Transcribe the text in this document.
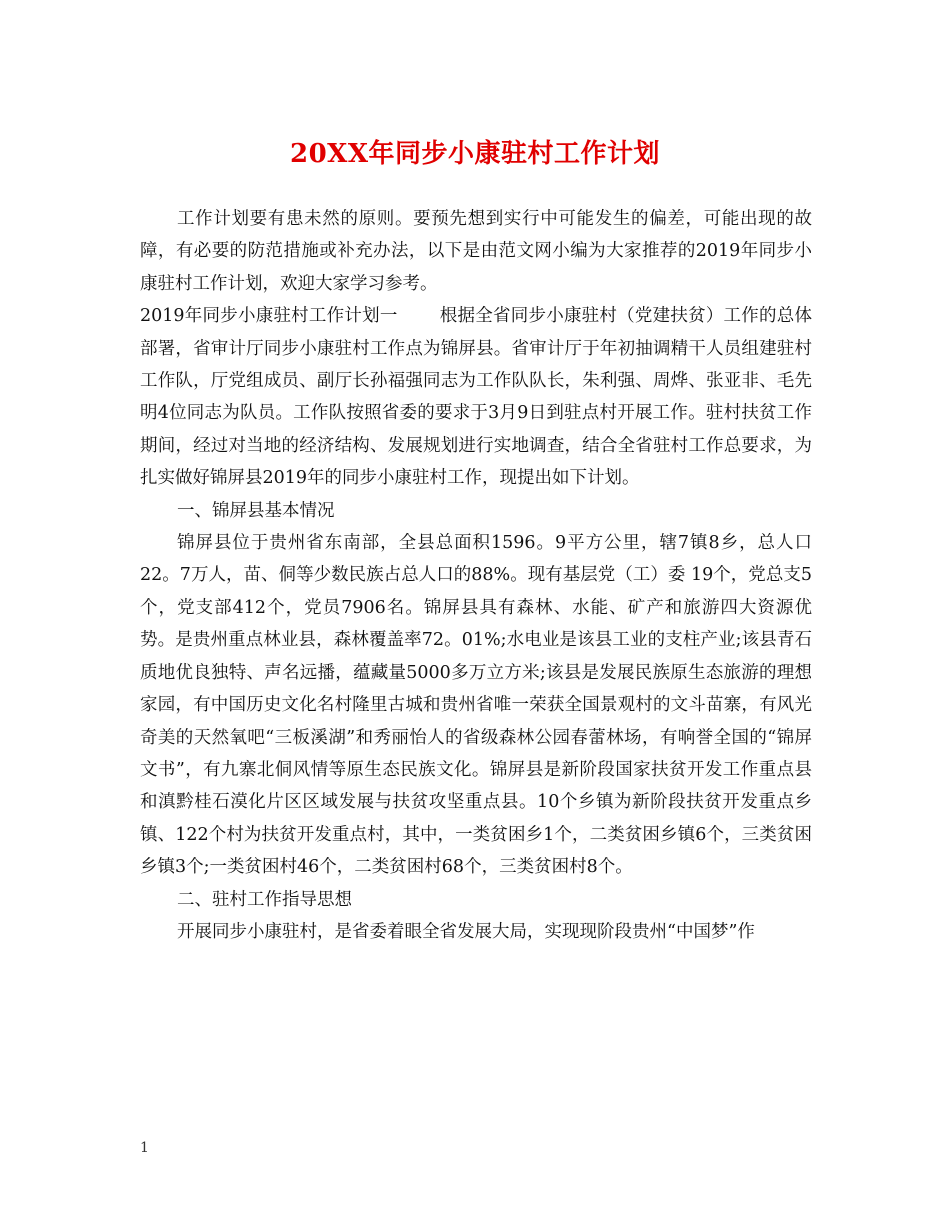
20XX年同步小康驻村工作计划

工作计划要有患未然的原则。要预先想到实行中可能发生的偏差，可能出现的故障，有必要的防范措施或补充办法，以下是由范文网小编为大家推荐的2019年同步小康驻村工作计划，欢迎大家学习参考。

2019年同步小康驻村工作计划一 根据全省同步小康驻村（党建扶贫）工作的总体部署，省审计厅同步小康驻村工作点为锦屏县。省审计厅于年初抽调精干人员组建驻村工作队，厅党组成员、副厅长孙福强同志为工作队队长，朱利强、周烨、张亚非、毛先明4位同志为队员。工作队按照省委的要求于3月9日到驻点村开展工作。驻村扶贫工作期间，经过对当地的经济结构、发展规划进行实地调查，结合全省驻村工作总要求，为扎实做好锦屏县2019年的同步小康驻村工作，现提出如下计划。

一、锦屏县基本情况

锦屏县位于贵州省东南部，全县总面积1596。9平方公里，辖7镇8乡，总人口22。7万人，苗、侗等少数民族占总人口的88%。现有基层党（工）委 19个，党总支5个，党支部412个，党员7906名。锦屏县具有森林、水能、矿产和旅游四大资源优势。是贵州重点林业县，森林覆盖率72。01%;水电业是该县工业的支柱产业;该县青石质地优良独特、声名远播，蕴藏量5000多万立方米;该县是发展民族原生态旅游的理想家园，有中国历史文化名村隆里古城和贵州省唯一荣获全国景观村的文斗苗寨，有风光奇美的天然氧吧“三板溪湖”和秀丽怡人的省级森林公园春蕾林场，有响誉全国的“锦屏文书”，有九寨北侗风情等原生态民族文化。锦屏县是新阶段国家扶贫开发工作重点县和滇黔桂石漠化片区区域发展与扶贫攻坚重点县。10个乡镇为新阶段扶贫开发重点乡镇、122个村为扶贫开发重点村，其中，一类贫困乡1个，二类贫困乡镇6个，三类贫困乡镇3个;一类贫困村46个，二类贫困村68个，三类贫困村8个。

二、驻村工作指导思想

开展同步小康驻村，是省委着眼全省发展大局，实现现阶段贵州“中国梦”作

1
